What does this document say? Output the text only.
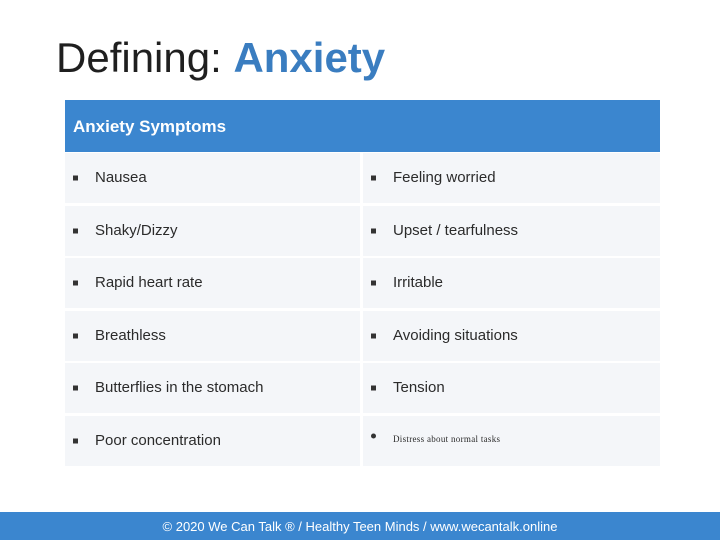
Defining: Anxiety
Anxiety Symptoms
Nausea	Feeling worried
Shaky/Dizzy	Upset / tearfulness
Rapid heart rate	Irritable
Breathless	Avoiding situations
Butterflies in the stomach	Tension
Poor concentration	Distress about normal tasks
© 2020 We Can Talk ® / Healthy Teen Minds / www.wecantalk.online
